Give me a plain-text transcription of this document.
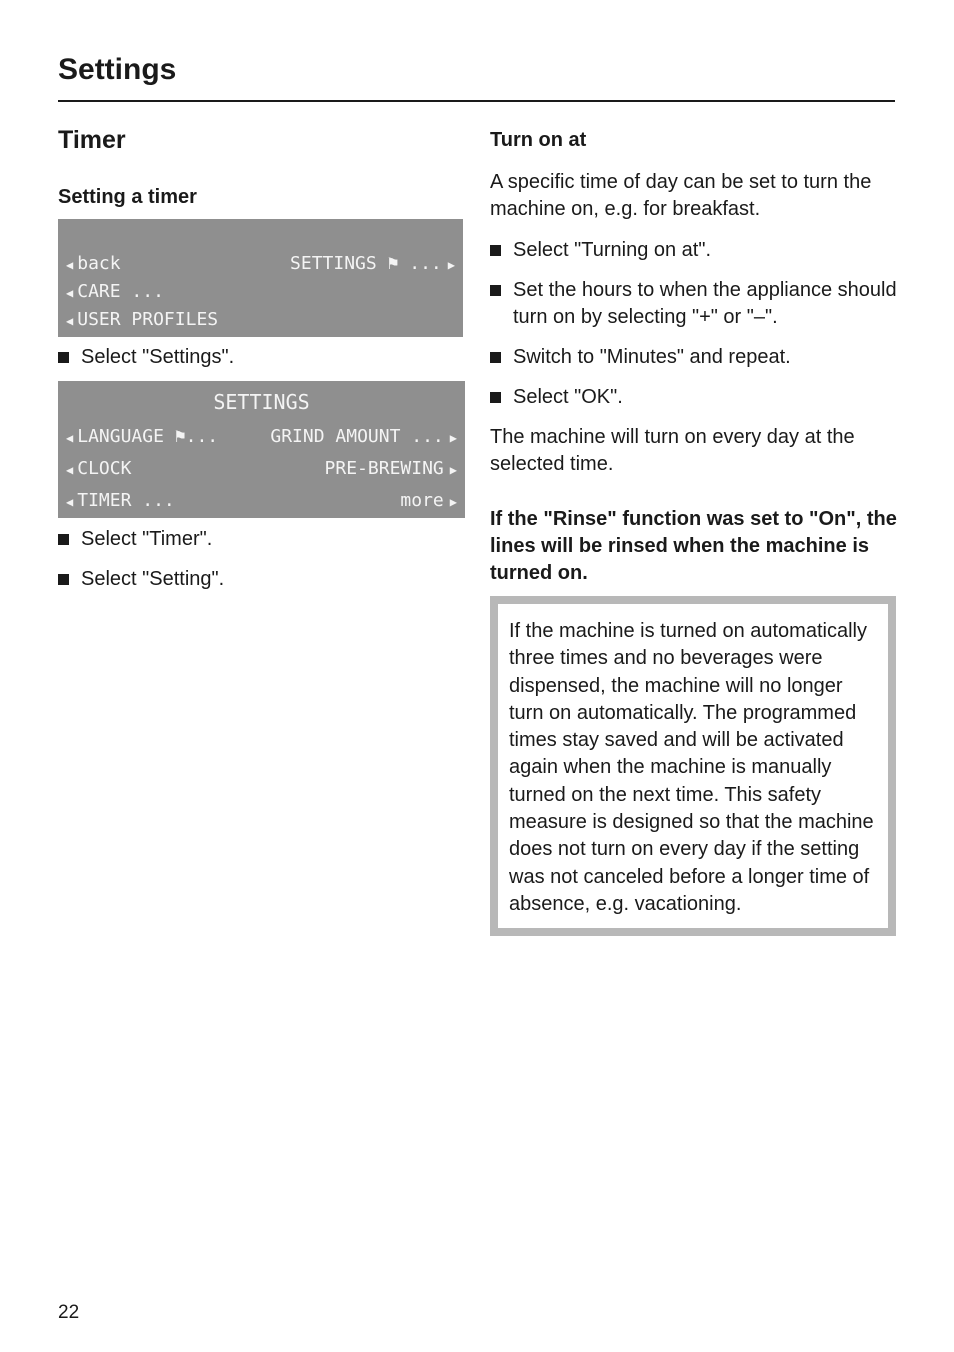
Settings
Timer
Setting a timer
◀ back	SETTINGS ⚑ ... ▶
◀ CARE ...
◀ USER PROFILES
Select "Settings".
SETTINGS
◀ LANGUAGE ⚑...	GRIND AMOUNT ... ▶
◀ CLOCK	PRE-BREWING ▶
◀ TIMER ...	more ▶
Select "Timer".
Select "Setting".
Turn on at

A specific time of day can be set to turn the machine on, e.g. for breakfast.

Select "Turning on at".
Set the hours to when the appliance should turn on by selecting "+" or "–".
Switch to "Minutes" and repeat.
Select "OK".

The machine will turn on every day at the selected time.

If the "Rinse" function was set to "On", the lines will be rinsed when the machine is turned on.

If the machine is turned on automatically three times and no beverages were dispensed, the machine will no longer turn on automatically. The programmed times stay saved and will be activated again when the machine is manually turned on the next time. This safety measure is designed so that the machine does not turn on every day if the setting was not canceled before a longer time of absence, e.g. vacationing.
22
